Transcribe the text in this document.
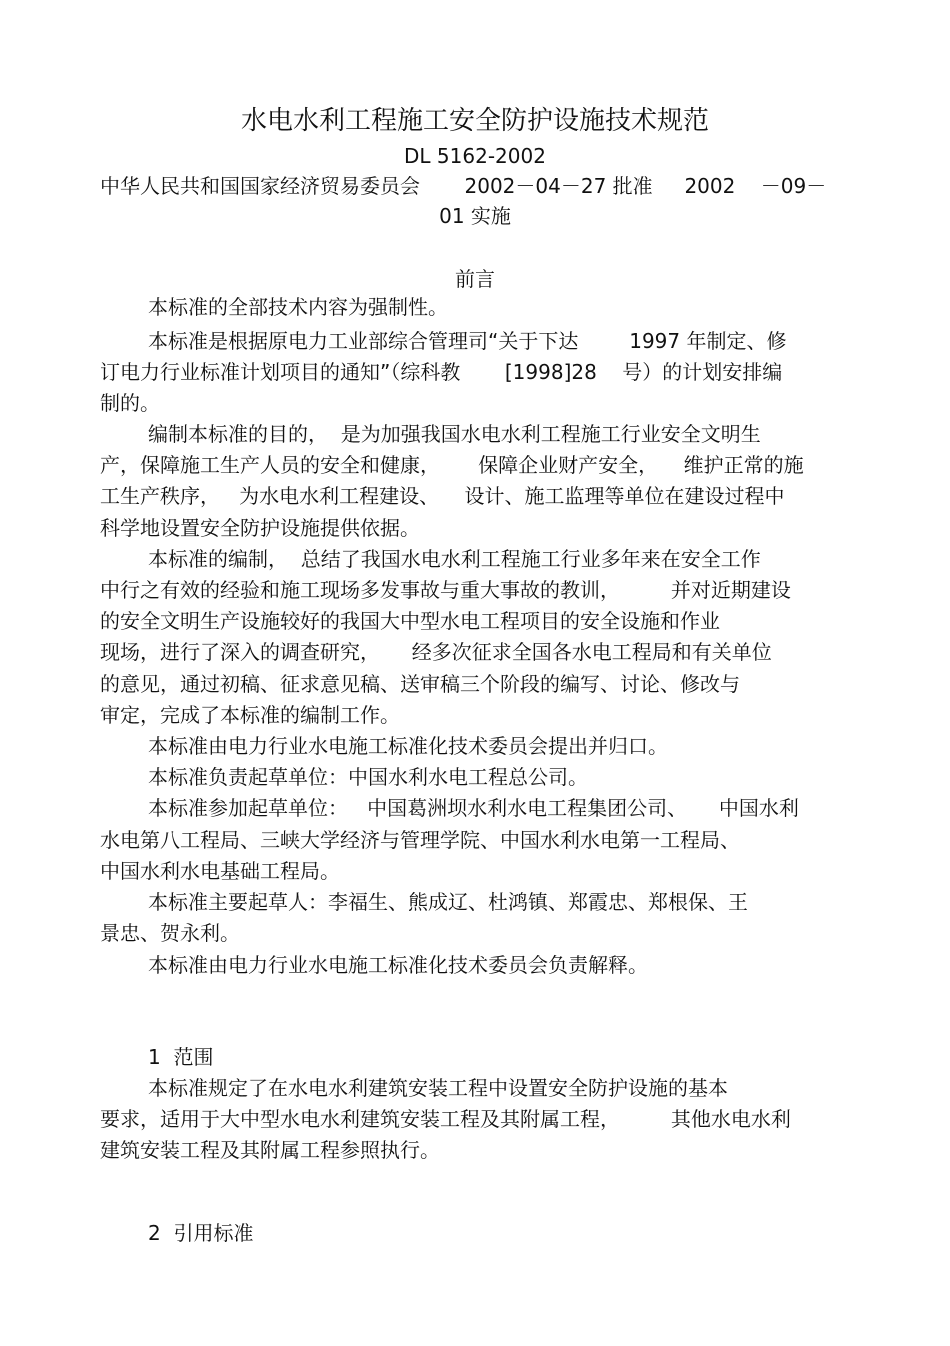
水电水利工程施工安全防护设施技术规范
DL 5162-2002
中华人民共和国国家经济贸易委员会       2002－04－27 批准     2002    －09－
01 实施
前言
本标准的全部技术内容为强制性。
本标准是根据原电力工业部综合管理司“关于下达        1997 年制定、修
订电力行业标准计划项目的通知”（综科教       [1998]28    号）的计划安排编
制的。
编制本标准的目的，  是为加强我国水电水利工程施工行业安全文明生
产，保障施工生产人员的安全和健康，      保障企业财产安全，    维护正常的施
工生产秩序，   为水电水利工程建设、    设计、施工监理等单位在建设过程中
科学地设置安全防护设施提供依据。
本标准的编制，  总结了我国水电水利工程施工行业多年来在安全工作
中行之有效的经验和施工现场多发事故与重大事故的教训，        并对近期建设
的安全文明生产设施较好的我国大中型水电工程项目的安全设施和作业
现场，进行了深入的调查研究，     经多次征求全国各水电工程局和有关单位
的意见，通过初稿、征求意见稿、送审稿三个阶段的编写、讨论、修改与
审定，完成了本标准的编制工作。
本标准由电力行业水电施工标准化技术委员会提出并归口。
本标准负责起草单位：中国水利水电工程总公司。
本标准参加起草单位：   中国葛洲坝水利水电工程集团公司、     中国水利
水电第八工程局、三峡大学经济与管理学院、中国水利水电第一工程局、
中国水利水电基础工程局。
本标准主要起草人：李福生、熊成辽、杜鸿镇、郑霞忠、郑根保、王
景忠、贺永利。
本标准由电力行业水电施工标准化技术委员会负责解释。
1  范围
本标准规定了在水电水利建筑安装工程中设置安全防护设施的基本
要求，适用于大中型水电水利建筑安装工程及其附属工程，        其他水电水利
建筑安装工程及其附属工程参照执行。
2  引用标准
